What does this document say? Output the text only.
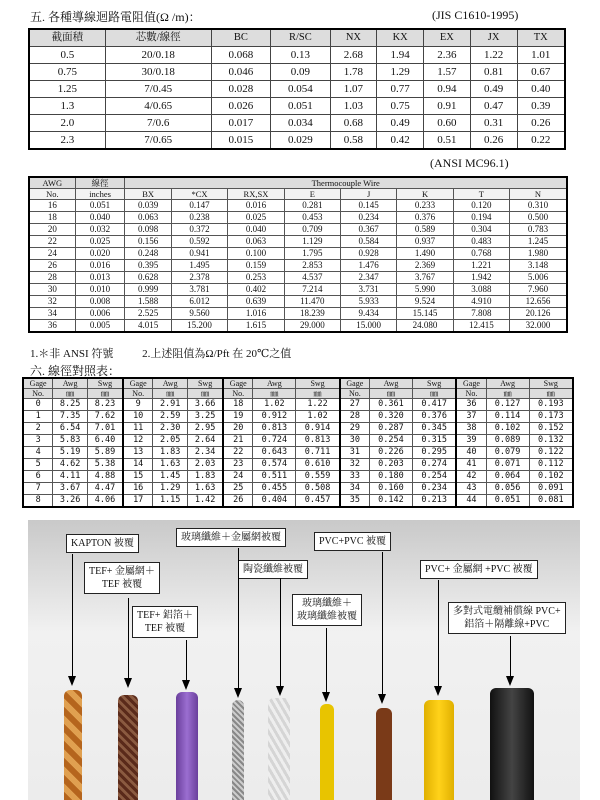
五. 各種導線迴路電阻值(Ω /m)：	(JIS C1610-1995)
截面積	芯數/線徑	BC	R/SC	NX	KX	EX	JX	TX
0.5	20/0.18	0.068	0.13	2.68	1.94	2.36	1.22	1.01
0.75	30/0.18	0.046	0.09	1.78	1.29	1.57	0.81	0.67
1.25	7/0.45	0.028	0.054	1.07	0.77	0.94	0.49	0.40
1.3	4/0.65	0.026	0.051	1.03	0.75	0.91	0.47	0.39
2.0	7/0.6	0.017	0.034	0.68	0.49	0.60	0.31	0.26
2.3	7/0.65	0.015	0.029	0.58	0.42	0.51	0.26	0.22
(ANSI MC96.1)
AWG	線徑	Thermocouple Wire							
No.	inches	BX	*CX	RX,SX	E	J	K	T	N
16	0.051	0.039	0.147	0.016	0.281	0.145	0.233	0.120	0.310
18	0.040	0.063	0.238	0.025	0.453	0.234	0.376	0.194	0.500
20	0.032	0.098	0.372	0.040	0.709	0.367	0.589	0.304	0.783
22	0.025	0.156	0.592	0.063	1.129	0.584	0.937	0.483	1.245
24	0.020	0.248	0.941	0.100	1.795	0.928	1.490	0.768	1.980
26	0.016	0.395	1.495	0.159	2.853	1.476	2.369	1.221	3.148
28	0.013	0.628	2.378	0.253	4.537	2.347	3.767	1.942	5.006
30	0.010	0.999	3.781	0.402	7.214	3.731	5.990	3.088	7.960
32	0.008	1.588	6.012	0.639	11.470	5.933	9.524	4.910	12.656
34	0.006	2.525	9.560	1.016	18.239	9.434	15.145	7.808	20.126
36	0.005	4.015	15.200	1.615	29.000	15.000	24.080	12.415	32.000
1.＊非 ANSI 符號	2.上述阻值為Ω/Pft 在 20℃之值
六. 線徑對照表：
Gage	Awg	Swg	Gage	Awg	Swg	Gage	Awg	Swg	Gage	Awg	Swg	Gage	Awg	Swg
No.	㎜	㎜	No.	㎜	㎜	No.	㎜	㎜	No.	㎜	㎜	No.	㎜	㎜
0	8.25	8.23	9	2.91	3.66	18	1.02	1.22	27	0.361	0.417	36	0.127	0.193
1	7.35	7.62	10	2.59	3.25	19	0.912	1.02	28	0.320	0.376	37	0.114	0.173
2	6.54	7.01	11	2.30	2.95	20	0.813	0.914	29	0.287	0.345	38	0.102	0.152
3	5.83	6.40	12	2.05	2.64	21	0.724	0.813	30	0.254	0.315	39	0.089	0.132
4	5.19	5.89	13	1.83	2.34	22	0.643	0.711	31	0.226	0.295	40	0.079	0.122
5	4.62	5.38	14	1.63	2.03	23	0.574	0.610	32	0.203	0.274	41	0.071	0.112
6	4.11	4.88	15	1.45	1.83	24	0.511	0.559	33	0.180	0.254	42	0.064	0.102
7	3.67	4.47	16	1.29	1.63	25	0.455	0.508	34	0.160	0.234	43	0.056	0.091
8	3.26	4.06	17	1.15	1.42	26	0.404	0.457	35	0.142	0.213	44	0.051	0.081
KAPTON 被覆
玻璃纖維＋金屬網被覆	PVC+PVC 被覆
TEF+ 金屬網＋
TEF 被覆
陶瓷纖維被覆	PVC+ 金屬網 +PVC 被覆
TEF+ 鋁箔＋
TEF 被覆
玻璃纖維＋
玻璃纖維被覆	多對式電纜補償線 PVC+
鋁箔＋隔離線+PVC
